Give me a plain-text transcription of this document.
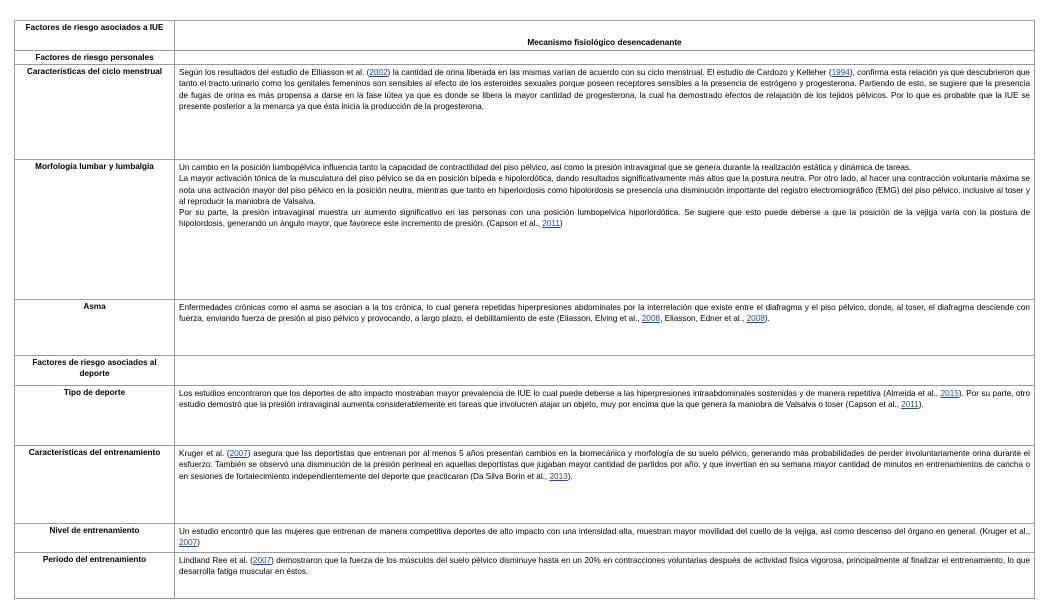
Factores de riesgo asociados a IUE	Mecanismo fisiológico desencadenante
Factores de riesgo personales	
Características del ciclo menstrual	Según los resultados del estudio de Elliasson et al. (2002) la cantidad de orina liberada en las mismas varían de acuerdo con su ciclo menstrual. El estudio de Cardozo y Kelleher (1994), confirma esta relación ya que descubrieron que tanto el tracto urinario como los genitales femeninos son sensibles al efecto de los esteroides sexuales porque poseen receptores sensibles a la presencia de estrógeno y progesterona. Partiendo de esto, se sugiere que la presencia de fugas de orina es más propensa a darse en la fase lútea ya que es donde se libera la mayor cantidad de progesterona, la cual ha demostrado efectos de relajación de los tejidos pélvicos. Por lo que es probable que la IUE se presente posterior a la menarca ya que ésta inicia la producción de la progesterona.
Morfología lumbar y lumbalgia	Un cambio en la posición lumbopélvica influencia tanto la capacidad de contractilidad del piso pélvico, así como la presión intravaginal que se genera durante la realización estática y dinámica de tareas.
La mayor activación tónica de la musculatura del piso pélvico se da en posición bípeda e hipolordótica, dando resultados significativamente más altos que la postura neutra. Por otro lado, al hacer una contracción voluntaria máxima se nota una activación mayor del piso pélvico en la posición neutra, mientras que tanto en hiperlordosis como hipolordosis se presencia una disminución importante del registro electromiográfico (EMG) del piso pélvico, inclusive al toser y al reproducir la maniobra de Valsalva.
Por su parte, la presión intravaginal muestra un aumento significativo en las personas con una posición lumbopelvica hiporlordótica. Se sugiere que esto puede deberse a que la posición de la vejiga varía con la postura de hipolordosis, generando un ángulo mayor, que favorece este incremento de presión. (Capson et al., 2011)

Asma	Enfermedades crónicas como el asma se asocian a la tos crónica, lo cual genera repetidas hiperpresiones abdominales por la interrelación que existe entre el diafragma y el piso pélvico, donde, al toser, el diafragma desciende con fuerza, enviando fuerza de presión al piso pélvico y provocando, a largo plazo, el debilitamiento de este (Eliasson, Elving et al., 2008, Eliasson, Edner et al., 2008).
Factores de riesgo asociados al deporte	
Tipo de deporte	Los estudios encontraron que los deportes de alto impacto mostraban mayor prevalencia de IUE lo cual puede deberse a las hiperpresiones intraabdominales sostenidas y de manera repetitiva (Almeida et al., 2015). Por su parte, otro estudio demostró que la presión intravaginal aumenta considerablemente en tareas que involucren atajar un objeto, muy por encima que la que genera la maniobra de Valsalva o toser (Capson et al., 2011).
Características del entrenamiento	Kruger et al. (2007) asegura que las deportistas que entrenan por al menos 5 años presentan cambios en la biomecánica y morfología de su suelo pélvico, generando más probabilidades de perder involuntariamente orina durante el esfuerzo. También se observó una disminución de la presión perineal en aquellas deportistas que jugaban mayor cantidad de partidos por año, y que invertían en su semana mayor cantidad de minutos en entrenamientos de cancha o en sesiones de fortalecimiento independientemente del deporte que practicaran (Da Silva Borin et al., 2013).
Nivel de entrenamiento	Un estudio encontró que las mujeres que entrenan de manera competitiva deportes de alto impacto con una intensidad alta, muestran mayor movilidad del cuello de la vejiga, así como descenso del órgano en general. (Kruger et al., 2007)
Periodo del entrenamiento	Lindland Ree et al. (2007) demostraron que la fuerza de los músculos del suelo pélvico disminuye hasta en un 20% en contracciones voluntarias después de actividad física vigorosa, principalmente al finalizar el entrenamiento, lo que desarrolla fatiga muscular en éstos.
